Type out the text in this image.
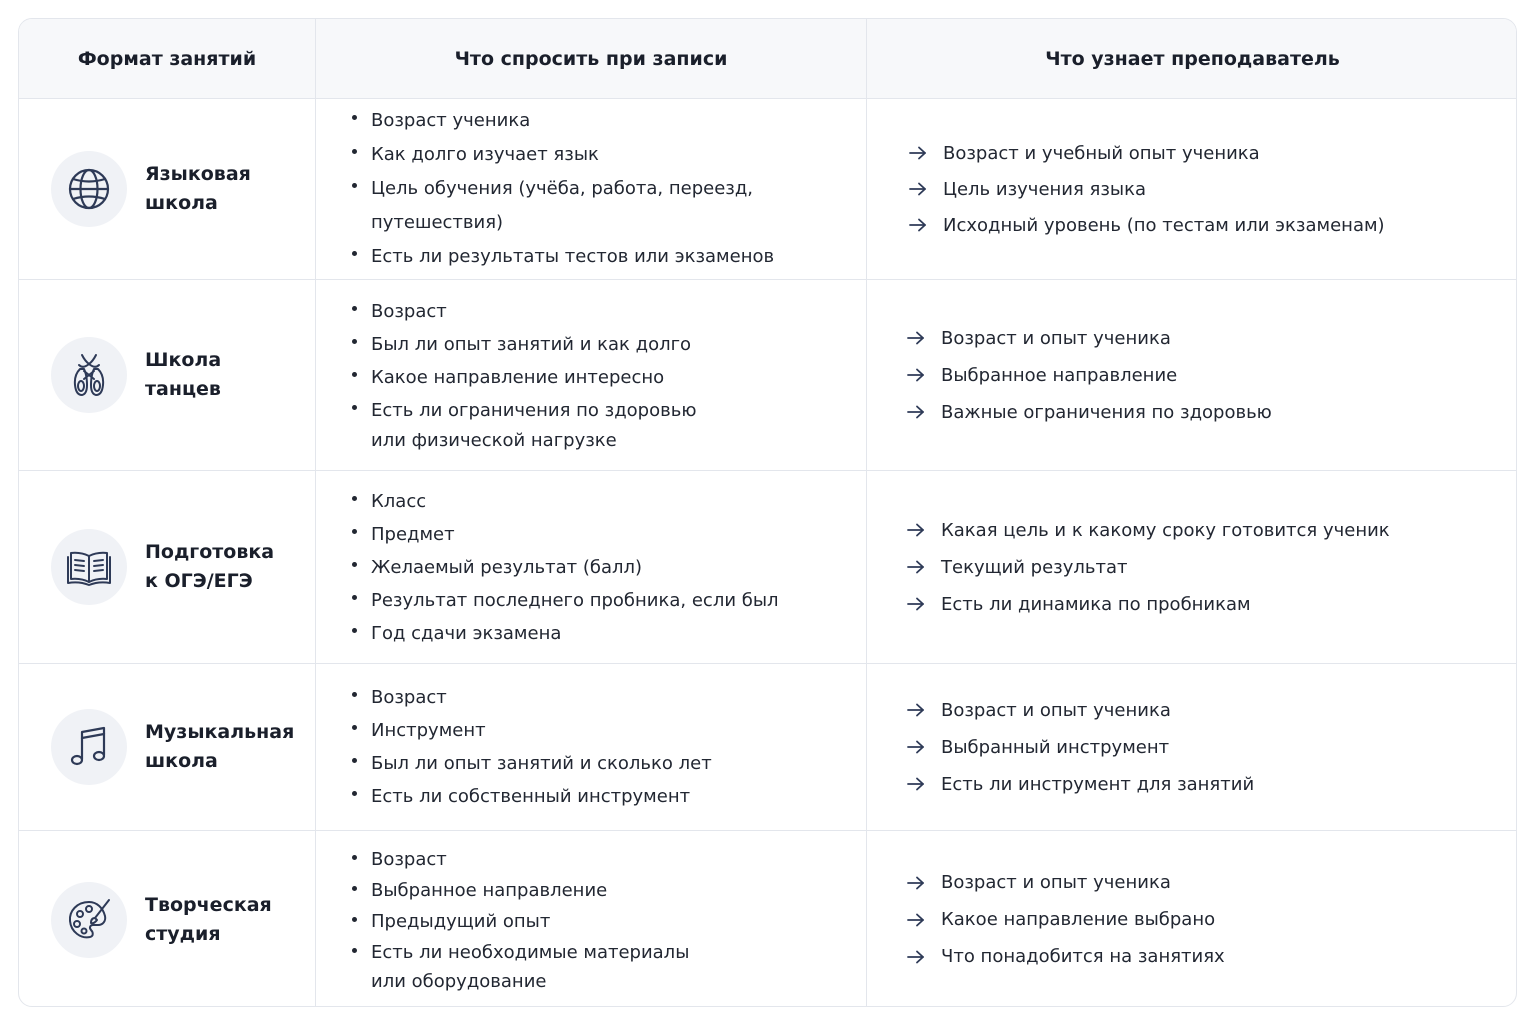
Формат занятий	Что спросить при записи	Что узнает преподаватель
Языковая
школа
Возраст ученика
Как долго изучает язык
Цель обучения (учёба, работа, переезд, путешествия)
Есть ли результаты тестов или экзаменов
Возраст и учебный опыт ученика
Цель изучения языка
Исходный уровень (по тестам или экзаменам)
Школа
танцев
Возраст
Был ли опыт занятий и как долго
Какое направление интересно
Есть ли ограничения по здоровью
или физической нагрузке
Возраст и опыт ученика
Выбранное направление
Важные ограничения по здоровью
Подготовка
к ОГЭ/ЕГЭ
Класс
Предмет
Желаемый результат (балл)
Результат последнего пробника, если был
Год сдачи экзамена
Какая цель и к какому сроку готовится ученик
Текущий результат
Есть ли динамика по пробникам
Музыкальная
школа
Возраст
Инструмент
Был ли опыт занятий и сколько лет
Есть ли собственный инструмент
Возраст и опыт ученика
Выбранный инструмент
Есть ли инструмент для занятий
Творческая
студия
Возраст
Выбранное направление
Предыдущий опыт
Есть ли необходимые материалы
или оборудование
Возраст и опыт ученика
Какое направление выбрано
Что понадобится на занятиях
